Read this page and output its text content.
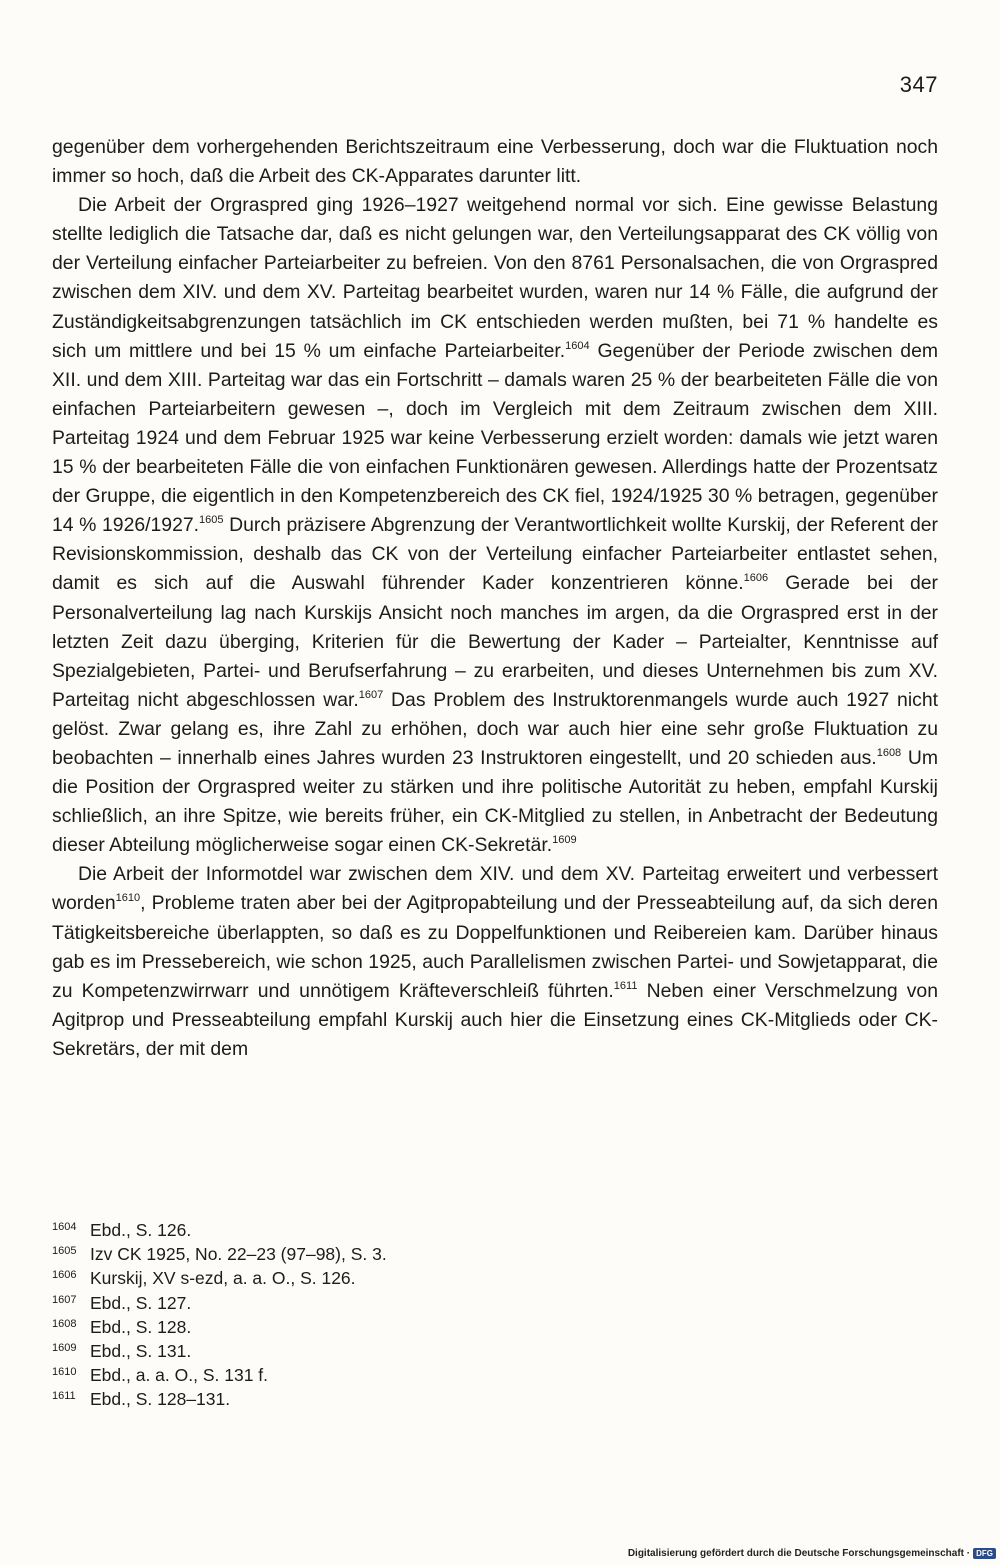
347

gegenüber dem vorhergehenden Berichtszeitraum eine Verbesserung, doch war die Fluktuation noch immer so hoch, daß die Arbeit des CK-Apparates darunter litt.

Die Arbeit der Orgraspred ging 1926–1927 weitgehend normal vor sich. Eine gewisse Belastung stellte lediglich die Tatsache dar, daß es nicht gelungen war, den Verteilungsapparat des CK völlig von der Verteilung einfacher Parteiarbeiter zu befreien. Von den 8761 Personalsachen, die von Orgraspred zwischen dem XIV. und dem XV. Parteitag bearbeitet wurden, waren nur 14 % Fälle, die aufgrund der Zuständigkeitsabgrenzungen tatsächlich im CK entschieden werden mußten, bei 71 % handelte es sich um mittlere und bei 15 % um einfache Parteiarbeiter.$^{1604}$ Gegenüber der Periode zwischen dem XII. und dem XIII. Parteitag war das ein Fortschritt – damals waren 25 % der bearbeiteten Fälle die von einfachen Parteiarbeitern gewesen –, doch im Vergleich mit dem Zeitraum zwischen dem XIII. Parteitag 1924 und dem Februar 1925 war keine Verbesserung erzielt worden: damals wie jetzt waren 15 % der bearbeiteten Fälle die von einfachen Funktionären gewesen. Allerdings hatte der Prozentsatz der Gruppe, die eigentlich in den Kompetenzbereich des CK fiel, 1924/1925 30 % betragen, gegenüber 14 % 1926/1927.$^{1605}$ Durch präzisere Abgrenzung der Verantwortlichkeit wollte Kurskij, der Referent der Revisionskommission, deshalb das CK von der Verteilung einfacher Parteiarbeiter entlastet sehen, damit es sich auf die Auswahl führender Kader konzentrieren könne.$^{1606}$ Gerade bei der Personalverteilung lag nach Kurskijs Ansicht noch manches im argen, da die Orgraspred erst in der letzten Zeit dazu überging, Kriterien für die Bewertung der Kader – Parteialter, Kenntnisse auf Spezialgebieten, Partei- und Berufserfahrung – zu erarbeiten, und dieses Unternehmen bis zum XV. Parteitag nicht abgeschlossen war.$^{1607}$ Das Problem des Instruktorenmangels wurde auch 1927 nicht gelöst. Zwar gelang es, ihre Zahl zu erhöhen, doch war auch hier eine sehr große Fluktuation zu beobachten – innerhalb eines Jahres wurden 23 Instruktoren eingestellt, und 20 schieden aus.$^{1608}$ Um die Position der Orgraspred weiter zu stärken und ihre politische Autorität zu heben, empfahl Kurskij schließlich, an ihre Spitze, wie bereits früher, ein CK-Mitglied zu stellen, in Anbetracht der Bedeutung dieser Abteilung möglicherweise sogar einen CK-Sekretär.$^{1609}$

Die Arbeit der Informotdel war zwischen dem XIV. und dem XV. Parteitag erweitert und verbessert worden$^{1610}$, Probleme traten aber bei der Agitpropabteilung und der Presseabteilung auf, da sich deren Tätigkeitsbereiche überlappten, so daß es zu Doppelfunktionen und Reibereien kam. Darüber hinaus gab es im Pressebereich, wie schon 1925, auch Parallelismen zwischen Partei- und Sowjetapparat, die zu Kompetenzwirrwarr und unnötigem Kräfteverschleiß führten.$^{1611}$ Neben einer Verschmelzung von Agitprop und Presseabteilung empfahl Kurskij auch hier die Einsetzung eines CK-Mitglieds oder CK-Sekretärs, der mit dem

1604 Ebd., S. 126.
1605 Izv CK 1925, No. 22–23 (97–98), S. 3.
1606 Kurskij, XV s-ezd, a. a. O., S. 126.
1607 Ebd., S. 127.
1608 Ebd., S. 128.
1609 Ebd., S. 131.
1610 Ebd., a. a. O., S. 131 f.
1611 Ebd., S. 128–131.
Digitalisierung gefördert durch die Deutsche Forschungsgemeinschaft · DFG
